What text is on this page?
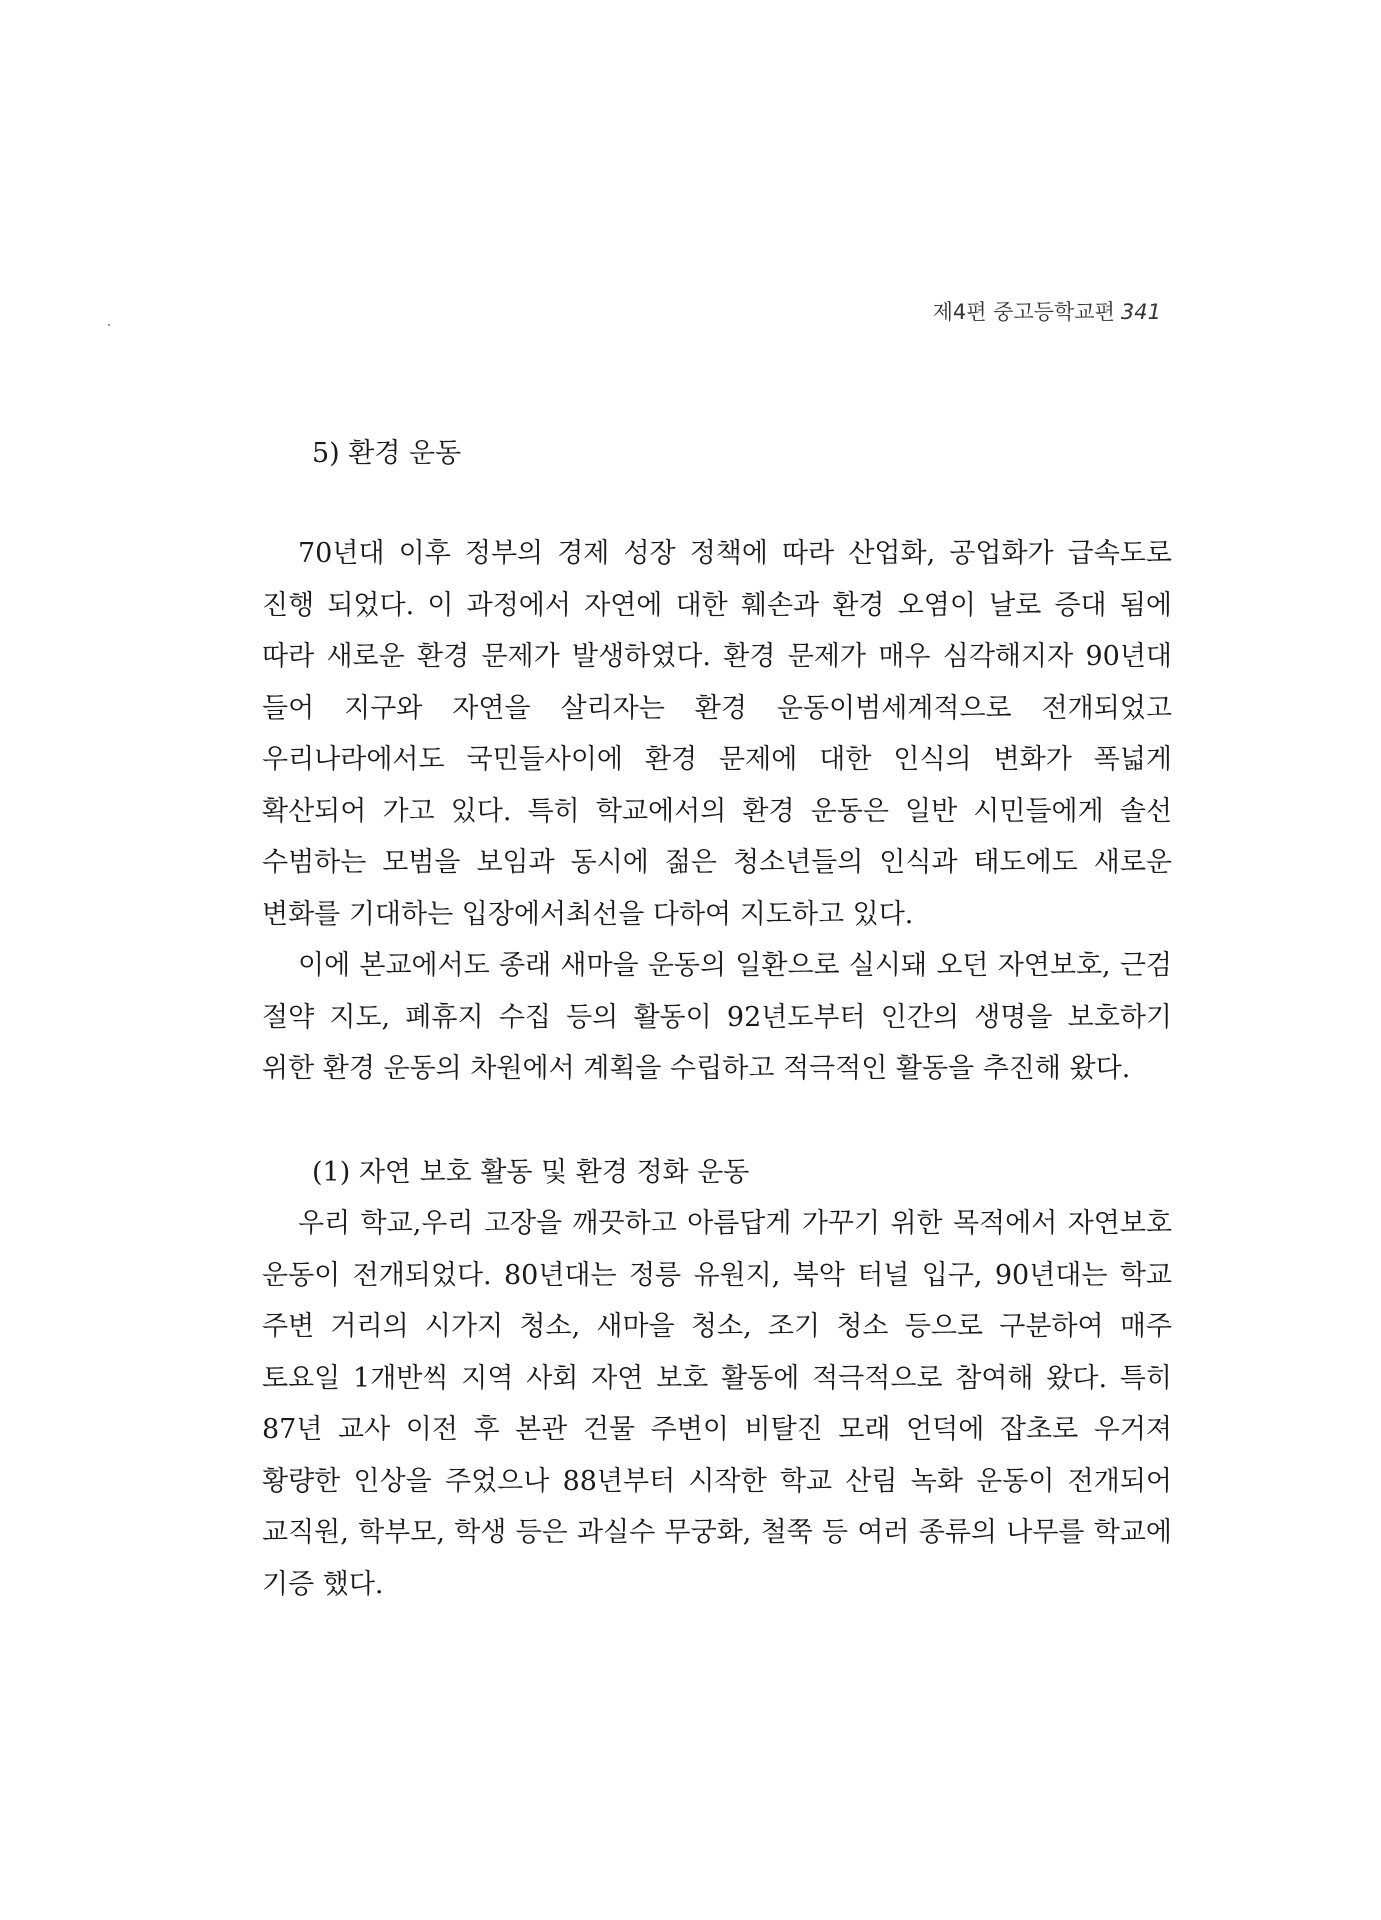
제4편 중고등학교편 341
5) 환경 운동

70년대 이후 정부의 경제 성장 정책에 따라 산업화, 공업화가 급속도로 진행 되었다. 이 과정에서 자연에 대한 훼손과 환경 오염이 날로 증대 됨에 따라 새로운 환경 문제가 발생하였다. 환경 문제가 매우 심각해지자 90년대 들어 지구와 자연을 살리자는 환경 운동이범세계적으로 전개되었고 우리나라에서도 국민들사이에 환경 문제에 대한 인식의 변화가 폭넓게 확산되어 가고 있다. 특히 학교에서의 환경 운동은 일반 시민들에게 솔선 수범하는 모범을 보임과 동시에 젊은 청소년들의 인식과 태도에도 새로운 변화를 기대하는 입장에서최선을 다하여 지도하고 있다.

이에 본교에서도 종래 새마을 운동의 일환으로 실시돼 오던 자연보호, 근검 절약 지도, 폐휴지 수집 등의 활동이 92년도부터 인간의 생명을 보호하기 위한 환경 운동의 차원에서 계획을 수립하고 적극적인 활동을 추진해 왔다.

(1) 자연 보호 활동 및 환경 정화 운동

우리 학교,우리 고장을 깨끗하고 아름답게 가꾸기 위한 목적에서 자연보호 운동이 전개되었다. 80년대는 정릉 유원지, 북악 터널 입구, 90년대는 학교 주변 거리의 시가지 청소, 새마을 청소, 조기 청소 등으로 구분하여 매주 토요일 1개반씩 지역 사회 자연 보호 활동에 적극적으로 참여해 왔다. 특히 87년 교사 이전 후 본관 건물 주변이 비탈진 모래 언덕에 잡초로 우거져 황량한 인상을 주었으나 88년부터 시작한 학교 산림 녹화 운동이 전개되어 교직원, 학부모, 학생 등은 과실수 무궁화, 철쭉 등 여러 종류의 나무를 학교에 기증 했다.
